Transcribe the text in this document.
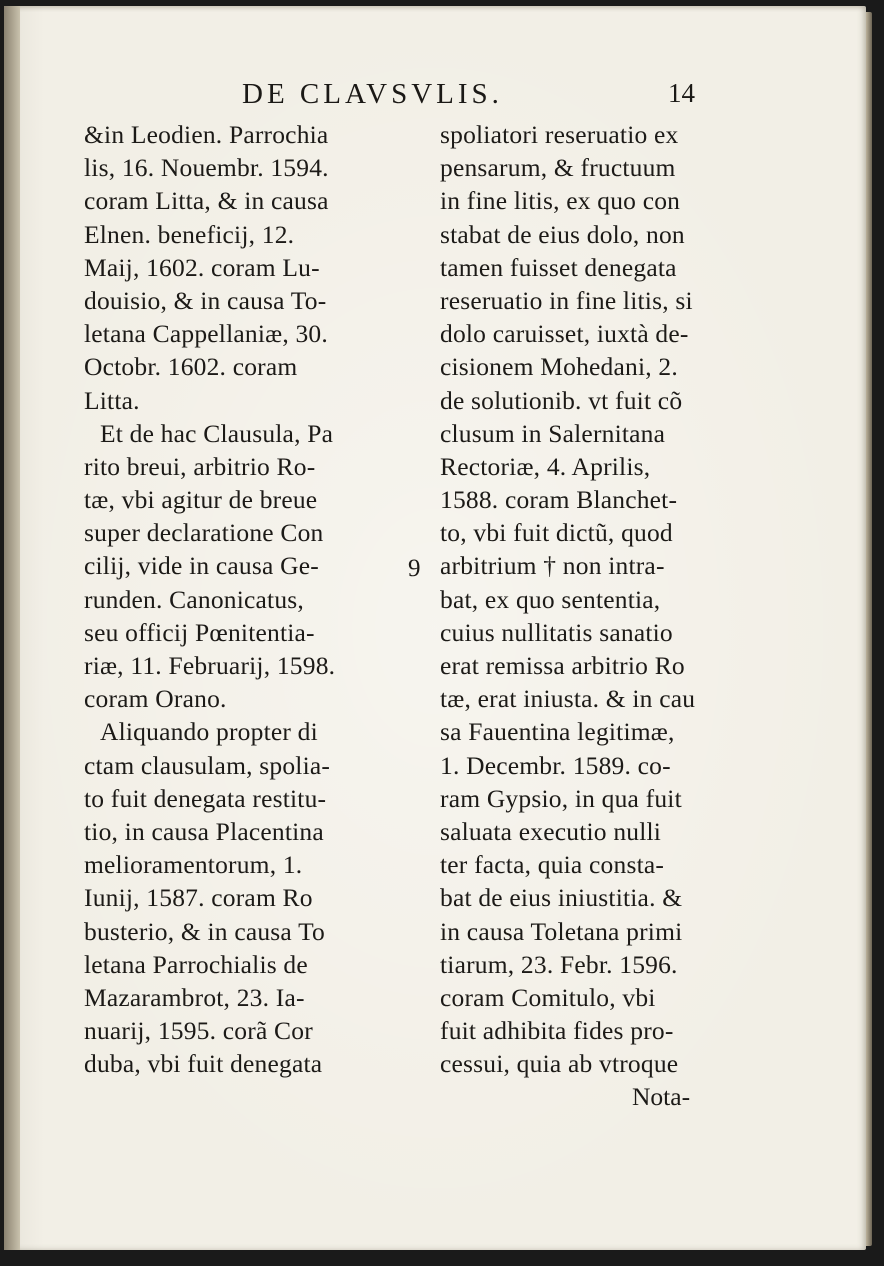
DE CLAVSVLIS.	14
&in Leodien. Parrochia
lis, 16. Nouembr. 1594.
coram Litta, & in causa
Elnen. beneficij, 12.
Maij, 1602. coram Lu-
douisio, & in causa To-
letana Cappellaniæ, 30.
Octobr. 1602. coram
Litta.
Et de hac Clausula, Pa
rito breui, arbitrio Ro-
tæ, vbi agitur de breue
super declaratione Con
cilij, vide in causa Ge-
runden. Canonicatus,
seu officij Pœnitentia-
riæ, 11. Februarij, 1598.
coram Orano.
Aliquando propter di
ctam clausulam, spolia-
to fuit denegata restitu-
tio, in causa Placentina
melioramentorum, 1.
Iunij, 1587. coram Ro
busterio, & in causa To
letana Parrochialis de
Mazarambrot, 23. Ia-
nuarij, 1595. corã Cor
duba, vbi fuit denegata
spoliatori reseruatio ex
pensarum, & fructuum
in fine litis, ex quo con
stabat de eius dolo, non
tamen fuisset denegata
reseruatio in fine litis, si
dolo caruisset, iuxtà de-
cisionem Mohedani, 2.
de solutionib. vt fuit cõ
clusum in Salernitana
Rectoriæ, 4. Aprilis,
1588. coram Blanchet-
to, vbi fuit dictũ, quod
arbitrium † non intra-
bat, ex quo sententia,
cuius nullitatis sanatio
erat remissa arbitrio Ro
tæ, erat iniusta. & in cau
sa Fauentina legitimæ,
1. Decembr. 1589. co-
ram Gypsio, in qua fuit
saluata executio nulli
ter facta, quia consta-
bat de eius iniustitia. &
in causa Toletana primi
tiarum, 23. Febr. 1596.
coram Comitulo, vbi
fuit adhibita fides pro-
cessui, quia ab vtroque
9
Nota-
